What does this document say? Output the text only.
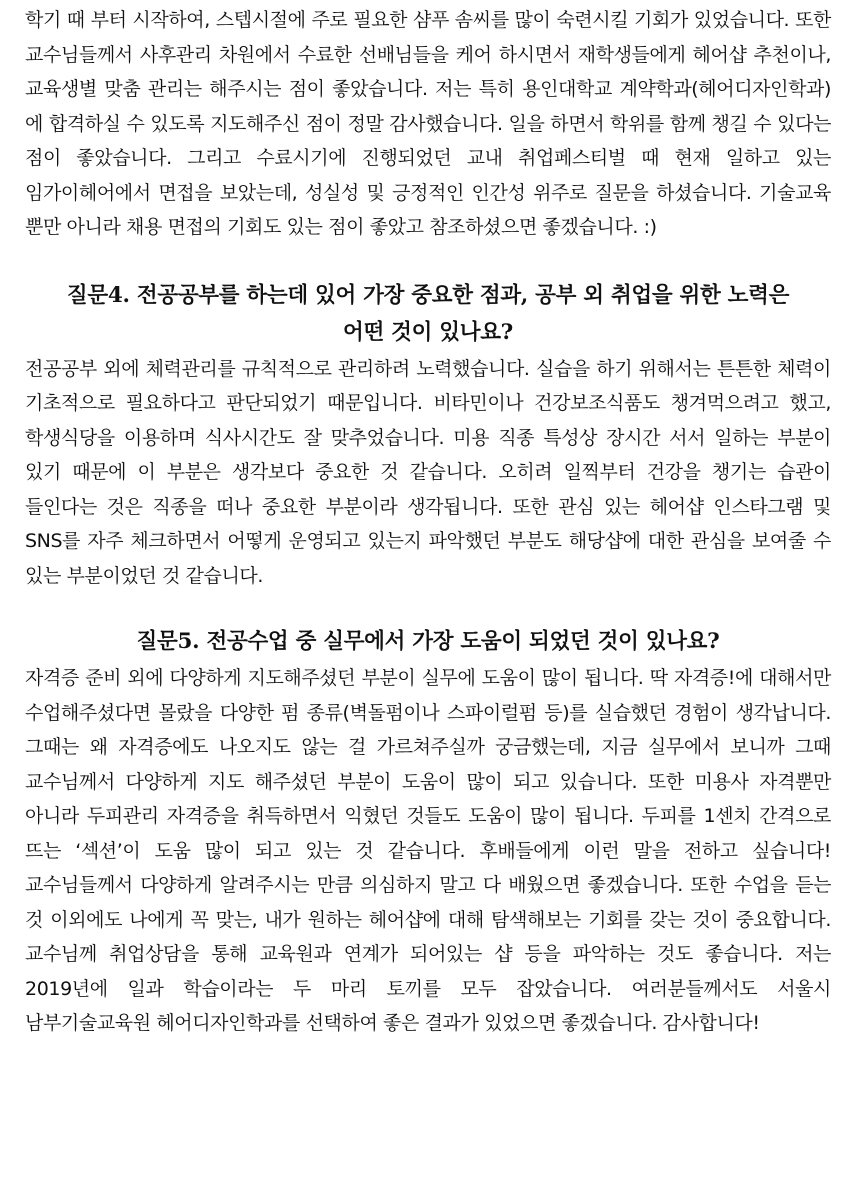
학기 때 부터 시작하여, 스텝시절에 주로 필요한 샴푸 솜씨를 많이 숙련시킬 기회가 있었습니다. 또한 교수님들께서 사후관리 차원에서 수료한 선배님들을 케어 하시면서 재학생들에게 헤어샵 추천이나, 교육생별 맞춤 관리는 해주시는 점이 좋았습니다. 저는 특히 용인대학교 계약학과(헤어디자인학과)에 합격하실 수 있도록 지도해주신 점이 정말 감사했습니다. 일을 하면서 학위를 함께 챙길 수 있다는 점이 좋았습니다. 그리고 수료시기에 진행되었던 교내 취업페스티벌 때 현재 일하고 있는 임가이헤어에서 면접을 보았는데, 성실성 및 긍정적인 인간성 위주로 질문을 하셨습니다. 기술교육 뿐만 아니라 채용 면접의 기회도 있는 점이 좋았고 참조하셨으면 좋겠습니다. :)

질문4. 전공공부를 하는데 있어 가장 중요한 점과, 공부 외 취업을 위한 노력은 어떤 것이 있나요?

전공공부 외에 체력관리를 규칙적으로 관리하려 노력했습니다. 실습을 하기 위해서는 튼튼한 체력이 기초적으로 필요하다고 판단되었기 때문입니다. 비타민이나 건강보조식품도 챙겨먹으려고 했고, 학생식당을 이용하며 식사시간도 잘 맞추었습니다. 미용 직종 특성상 장시간 서서 일하는 부분이 있기 때문에 이 부분은 생각보다 중요한 것 같습니다. 오히려 일찍부터 건강을 챙기는 습관이 들인다는 것은 직종을 떠나 중요한 부분이라 생각됩니다. 또한 관심 있는 헤어샵 인스타그램 및 SNS를 자주 체크하면서 어떻게 운영되고 있는지 파악했던 부분도 해당샵에 대한 관심을 보여줄 수 있는 부분이었던 것 같습니다.

질문5. 전공수업 중 실무에서 가장 도움이 되었던 것이 있나요?

자격증 준비 외에 다양하게 지도해주셨던 부분이 실무에 도움이 많이 됩니다. 딱 자격증!에 대해서만 수업해주셨다면 몰랐을 다양한 펌 종류(벽돌펌이나 스파이럴펌 등)를 실습했던 경험이 생각납니다. 그때는 왜 자격증에도 나오지도 않는 걸 가르쳐주실까 궁금했는데, 지금 실무에서 보니까 그때 교수님께서 다양하게 지도 해주셨던 부분이 도움이 많이 되고 있습니다. 또한 미용사 자격뿐만 아니라 두피관리 자격증을 취득하면서 익혔던 것들도 도움이 많이 됩니다. 두피를 1센치 간격으로 뜨는 ‘섹션’이 도움 많이 되고 있는 것 같습니다. 후배들에게 이런 말을 전하고 싶습니다! 교수님들께서 다양하게 알려주시는 만큼 의심하지 말고 다 배웠으면 좋겠습니다. 또한 수업을 듣는 것 이외에도 나에게 꼭 맞는, 내가 원하는 헤어샵에 대해 탐색해보는 기회를 갖는 것이 중요합니다. 교수님께 취업상담을 통해 교육원과 연계가 되어있는 샵 등을 파악하는 것도 좋습니다. 저는 2019년에 일과 학습이라는 두 마리 토끼를 모두 잡았습니다. 여러분들께서도 서울시 남부기술교육원 헤어디자인학과를 선택하여 좋은 결과가 있었으면 좋겠습니다. 감사합니다!
